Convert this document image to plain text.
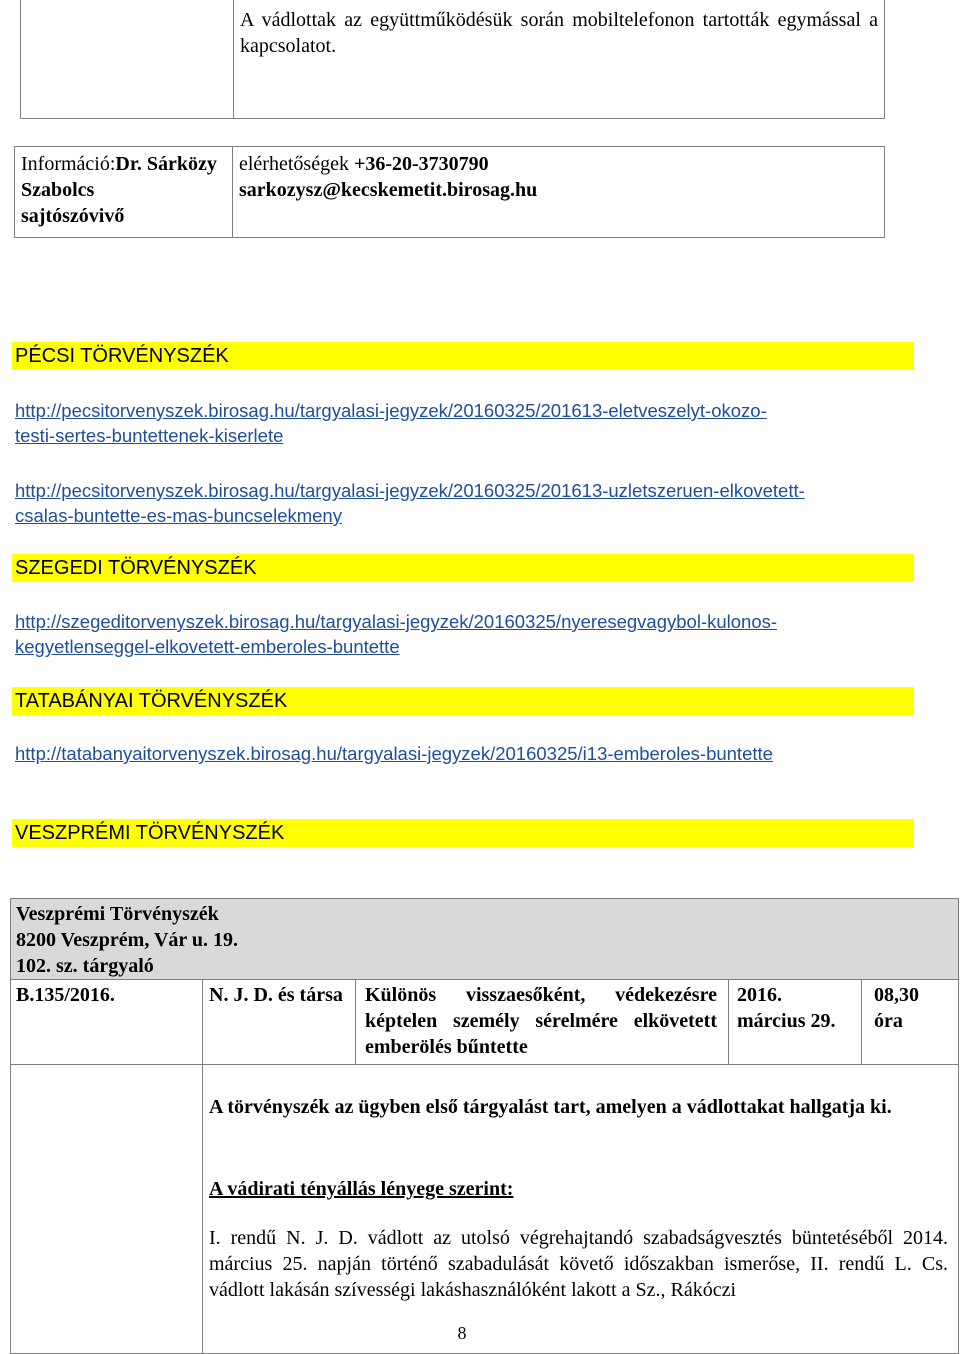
A vádlottak az együttműködésük során mobiltelefonon tartották egymással a kapcsolatot.

Információ:Dr. Sárközy Szabolcs
sajtószóvivő

elérhetőségek +36-20-3730790
sarkozysz@kecskemetit.birosag.hu

PÉCSI TÖRVÉNYSZÉK

http://pecsitorvenyszek.birosag.hu/targyalasi-jegyzek/20160325/201613-eletveszelyt-okozo-
testi-sertes-buntettenek-kiserlete

http://pecsitorvenyszek.birosag.hu/targyalasi-jegyzek/20160325/201613-uzletszeruen-elkovetett-
csalas-buntette-es-mas-buncselekmeny

SZEGEDI TÖRVÉNYSZÉK

http://szegeditorvenyszek.birosag.hu/targyalasi-jegyzek/20160325/nyeresegvagybol-kulonos-
kegyetlenseggel-elkovetett-emberoles-buntette

TATABÁNYAI TÖRVÉNYSZÉK

http://tatabanyaitorvenyszek.birosag.hu/targyalasi-jegyzek/20160325/i13-emberoles-buntette

VESZPRÉMI TÖRVÉNYSZÉK

Veszprémi Törvényszék
8200 Veszprém, Vár u. 19.
102. sz. tárgyaló

B.135/2016.	N. J. D. és társa	Különös visszaesőként, védekezésre képtelen személy sérelmére elkövetett emberölés bűntette

2016. március 29.

08,30 óra

A törvényszék az ügyben első tárgyalást tart, amelyen a vádlottakat hallgatja ki.

A vádirati tényállás lényege szerint:

I. rendű N. J. D. vádlott az utolsó végrehajtandó szabadságvesztés büntetéséből 2014. március 25. napján történő szabadulását követő időszakban ismerőse, II. rendű L. Cs. vádlott lakásán szívességi lakáshasználóként lakott a Sz., Rákóczi

8
